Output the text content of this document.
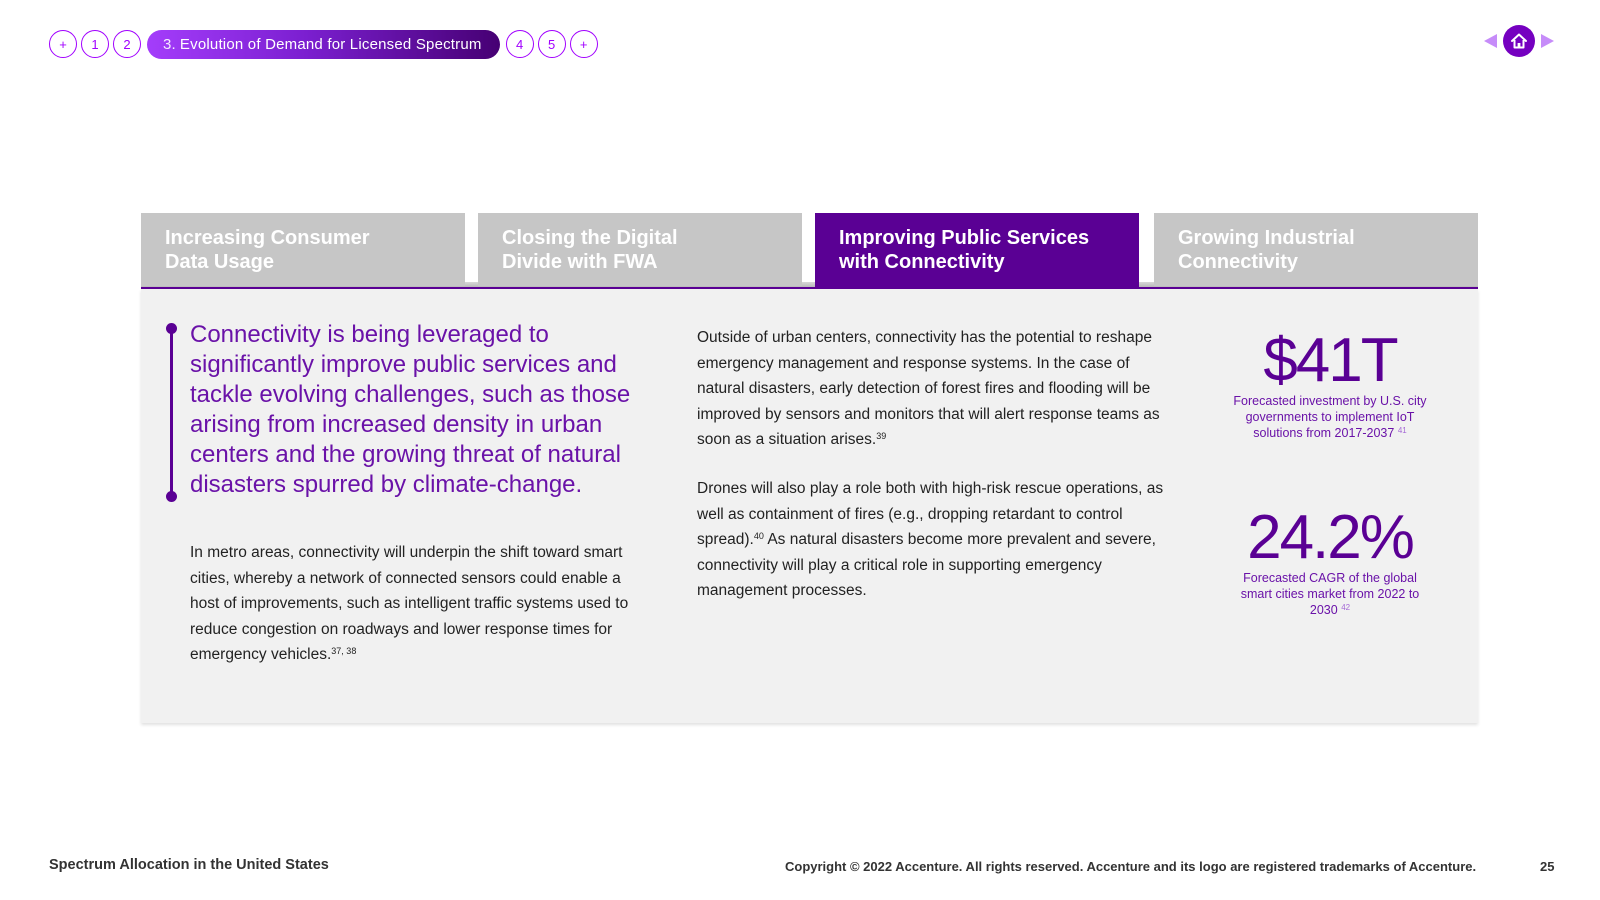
+	1	2	3. Evolution of Demand for Licensed Spectrum	4	5	+
Increasing Consumer
Data Usage
Closing the Digital
Divide with FWA
Improving Public Services
with Connectivity
Growing Industrial
Connectivity
Connectivity is being leveraged to significantly improve public services and tackle evolving challenges, such as those arising from increased density in urban centers and the growing threat of natural disasters spurred by climate-change.
In metro areas, connectivity will underpin the shift toward smart cities, whereby a network of connected sensors could enable a host of improvements, such as intelligent traffic systems used to reduce congestion on roadways and lower response times for emergency vehicles.$^{37, 38}$
Outside of urban centers, connectivity has the potential to reshape emergency management and response systems. In the case of natural disasters, early detection of forest fires and flooding will be improved by sensors and monitors that will alert response teams as soon as a situation arises.$^{39}$
Drones will also play a role both with high-risk rescue operations, as well as containment of fires (e.g., dropping retardant to control spread).$^{40}$ As natural disasters become more prevalent and severe, connectivity will play a critical role in supporting emergency management processes.
$41T
Forecasted investment by U.S. city governments to implement IoT solutions from 2017-2037 $^{41}$
24.2%
Forecasted CAGR of the global smart cities market from 2022 to 2030 $^{42}$
Spectrum Allocation in the United States	Copyright © 2022 Accenture. All rights reserved. Accenture and its logo are registered trademarks of Accenture.	25
